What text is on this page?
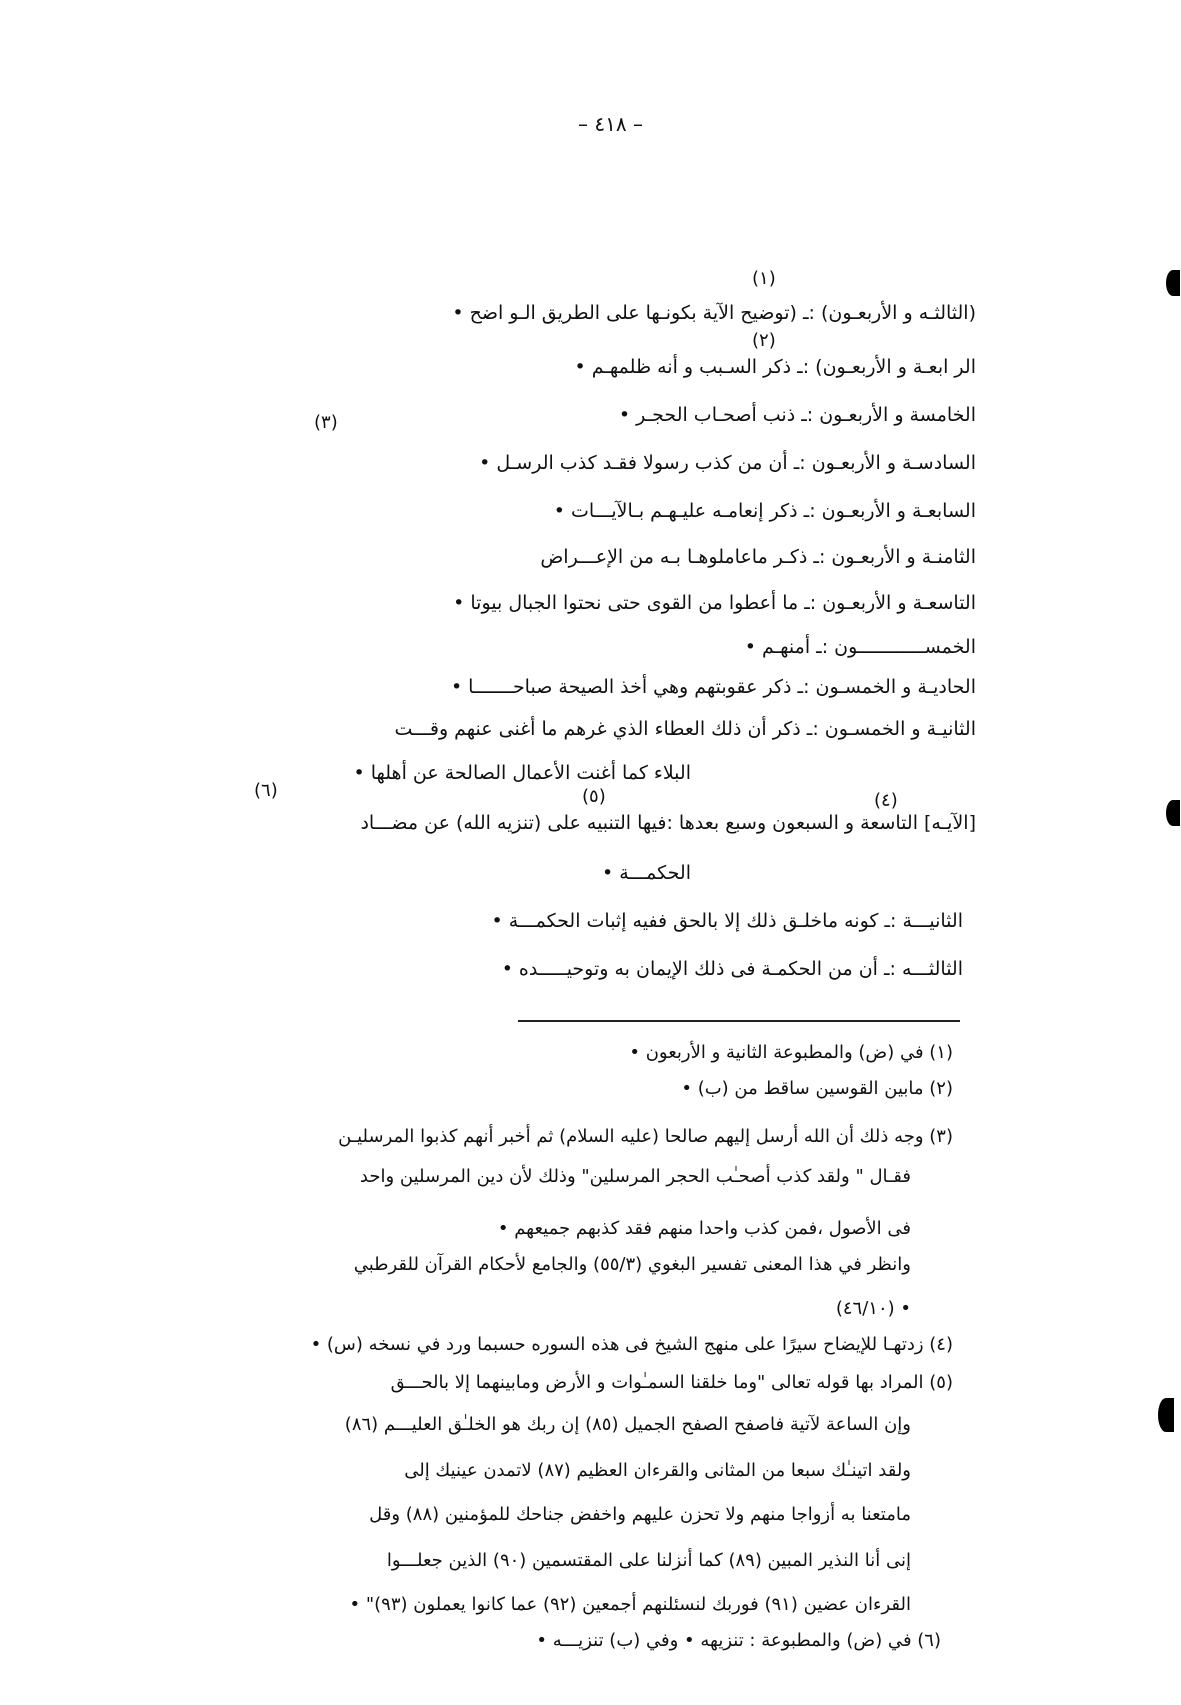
– ٤١٨ –
(١)
(٢)
(٣)
(٤)
(٥)
(٦)
(الثالثـه و الأربعـون) :ـ (توضيح الآية بكونـها على الطريق الـو اضح •
الر ابعـة و الأربعـون) :ـ ذكر السـبب و أنه ظلمهـم •
الخامسة و الأربعـون :ـ ذنب أصحـاب الحجـر •
السادسـة و الأربعـون :ـ أن من كذب رسولا فقـد كذب الرسـل •
السابعـة و الأربعـون :ـ ذكر إنعامـه عليـهـم بـالآيـــات •
الثامنـة و الأربعـون :ـ ذكـر ماعاملوهـا بـه من الإعـــراض
التاسعـة و الأربعـون :ـ ما أعطوا من القوى حتى نحتوا الجبال بيوتا •
الخمســــــــــــون :ـ أمنهـم •
الحاديـة و الخمسـون :ـ ذكر عقوبتهم وهي أخذ الصيحة صباحـــــــا •
الثانيـة و الخمسـون :ـ ذكر أن ذلك العطاء الذي غرهم ما أغنى عنهم وقـــت
البلاء كما أغنت الأعمال الصالحة عن أهلها •
[الآيـه] التاسعة و السبعون وسبع بعدها :فيها التنبيه على (تنزيه الله) عن مضـــاد
الحكمـــة •
الثانيـــة :ـ كونه ماخلـق ذلك إلا بالحق ففيه إثبات الحكمـــة •
الثالثـــه :ـ أن من الحكمـة فى ذلك الإيمان به وتوحيـــــده •
(١) في (ض) والمطبوعة الثانية و الأربعون •
(٢) مابين القوسين ساقط من (ب) •
(٣) وجه ذلك أن الله أرسل إليهم صالحا (عليه السلام) ثم أخبر أنهم كذبوا المرسليـن
فقـال " ولقد كذب أصحـٰب الحجر المرسلين" وذلك لأن دين المرسلين واحد
فى الأصول ،فمن كذب واحدا منهم فقد كذبهم جميعهم •
وانظر في هذا المعنى تفسير البغوي (٥٥/٣) والجامع لأحكام القرآن للقرطبي
(٤٦/١٠) •
(٤) زدتهـا للإيضاح سيرًا على منهج الشيخ فى هذه السوره حسبما ورد في نسخه (س) •
(٥) المراد بها قوله تعالى "وما خلقنا السمـٰوات و الأرض ومابينهما إلا بالحـــق
وإن الساعة لآتية فاصفح الصفح الجميل (٨٥) إن ربك هو الخلـٰق العليـــم (٨٦)
ولقد اتينـٰك سبعا من المثانى والقرءان العظيم (٨٧) لاتمدن عينيك إلى
مامتعنا به أزواجا منهم ولا تحزن عليهم واخفض جناحك للمؤمنين (٨٨) وقل
إنى أنا النذير المبين (٨٩) كما أنزلنا على المقتسمين (٩٠) الذين جعلـــوا
القرءان عضين (٩١) فوربك لنسئلنهم أجمعين (٩٢) عما كانوا يعملون (٩٣)" •
(٦) في (ض) والمطبوعة : تنزيهه • وفي (ب) تنزيـــه •
